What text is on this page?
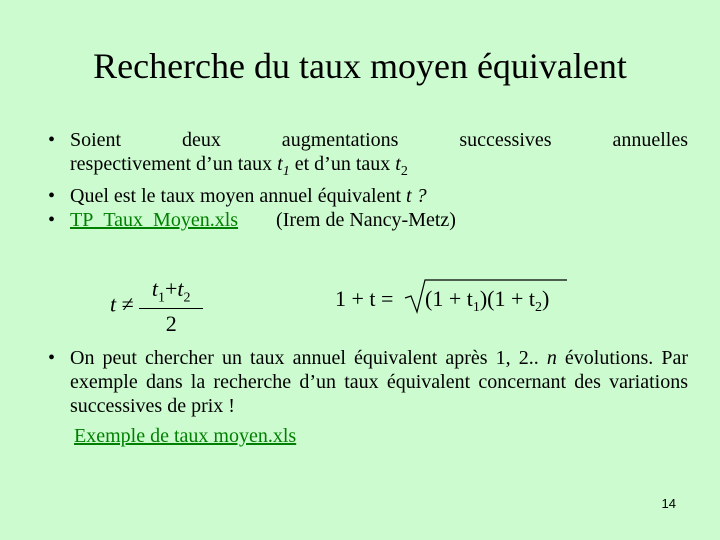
Recherche du taux moyen équivalent
• Soient deux augmentations successives annuelles
respectivement d’un taux $t_1$ et d’un taux $t_2$
• Quel est le taux moyen annuel équivalent t ?
• TP_Taux_Moyen.xls (Irem de Nancy-Metz)
$t \ne \frac{t_1+t_2}{2}$	$1 + t = (1 + t_1)(1 + t_2)$
• On peut chercher un taux annuel équivalent après 1, 2.. n évolutions. Par exemple dans la recherche d’un taux équivalent concernant des variations successives de prix !
Exemple de taux moyen.xls
14
